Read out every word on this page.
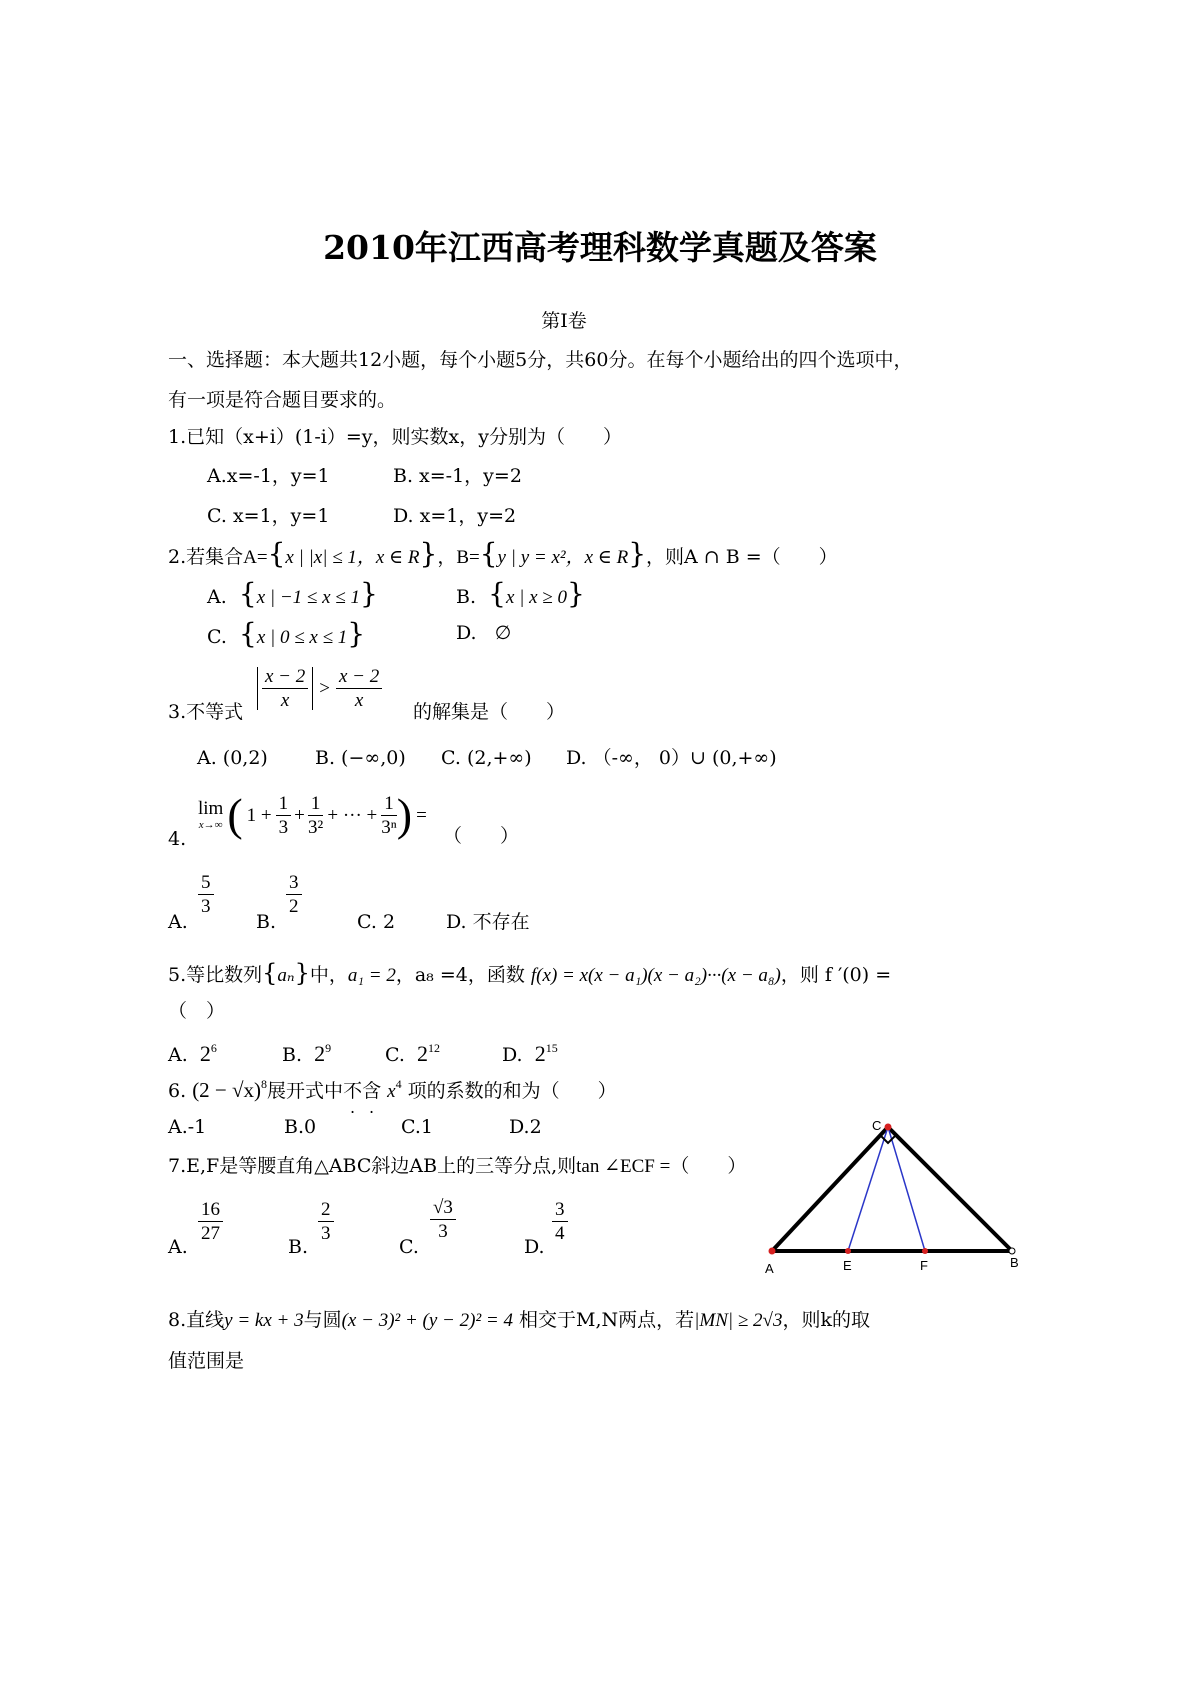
2010年江西高考理科数学真题及答案
第Ⅰ卷
一、选择题：本大题共12小题，每个小题5分，共60分。在每个小题给出的四个选项中，
有一项是符合题目要求的。
1.已知（x+i）(1-i）=y，则实数x，y分别为（　　）
A.x=-1，y=1	B. x=-1，y=2
C. x=1，y=1	D. x=1，y=2
2.若集合A={x | |x| ≤ 1，x ∈ R}，B={y | y = x²，x ∈ R}，则A ∩ B =（　　）
A. {x | −1 ≤ x ≤ 1}	B. {x | x ≥ 0}
C. {x | 0 ≤ x ≤ 1}	D. ∅
3.不等式
$\frac{x - 2}{x} > \frac{x - 2}{x}$
的解集是（　　）
A. (0,2) B. (−∞,0) C. (2,+∞) D. （-∞， 0）∪ (0,+∞)
4.
lim
x→∞ ( $1 + \frac{1}{3} + \frac{1}{\text{3²}}$ + ··· + $\frac{1}{\text{3ⁿ}}$ ) =
（　　）
A.
$\frac{5}{3}$
B.
$\frac{3}{2}$
C. 2	D. 不存在
5.等比数列{aₙ}中，a₁ = 2，a₈ =4，函数 f(x) = x(x − a₁)(x − a₂)···(x − a₈)，则 f ′(0) =
（　）
A. $2^6$	B. $2^9$	C. $2^{12}$	D. $2^{15}$
6. $(2 - √x)^8$展开式中不含 $x^4$ 项的系数的和为（　　）
A.-1	B.0	C.1	D.2
7.E,F是等腰直角△ABC斜边AB上的三等分点,则tan ∠ECF =（　　）
A.
$\frac{16}{27}$
B.
$\frac{2}{3}$
C.
$\frac{√3}{3}$
D.
$\frac{3}{4}$
C
A	E	F	B
8.直线y = kx + 3与圆(x − 3)² + (y − 2)² = 4 相交于M,N两点，若|MN| ≥ 2√3，则k的取
值范围是
